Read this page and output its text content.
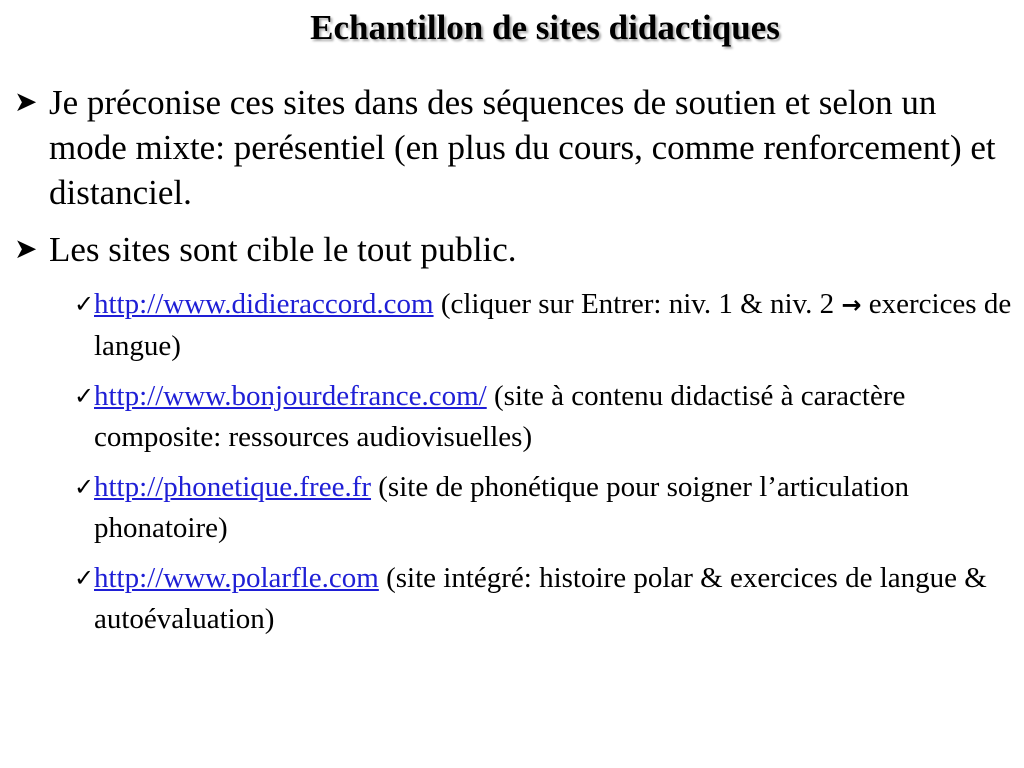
Echantillon de sites didactiques
➤ Je préconise ces sites dans des séquences de soutien et selon un mode mixte: perésentiel (en plus du cours, comme renforcement) et distanciel.
➤ Les sites sont cible le tout public.
✓ http://www.didieraccord.com (cliquer sur Entrer: niv. 1 & niv. 2 → exercices de langue)
✓ http://www.bonjourdefrance.com/ (site à contenu didactisé à caractère composite: ressources audiovisuelles)
✓ http://phonetique.free.fr (site de phonétique pour soigner l’articulation phonatoire)
✓ http://www.polarfle.com (site intégré: histoire polar & exercices de langue & autoévaluation)
